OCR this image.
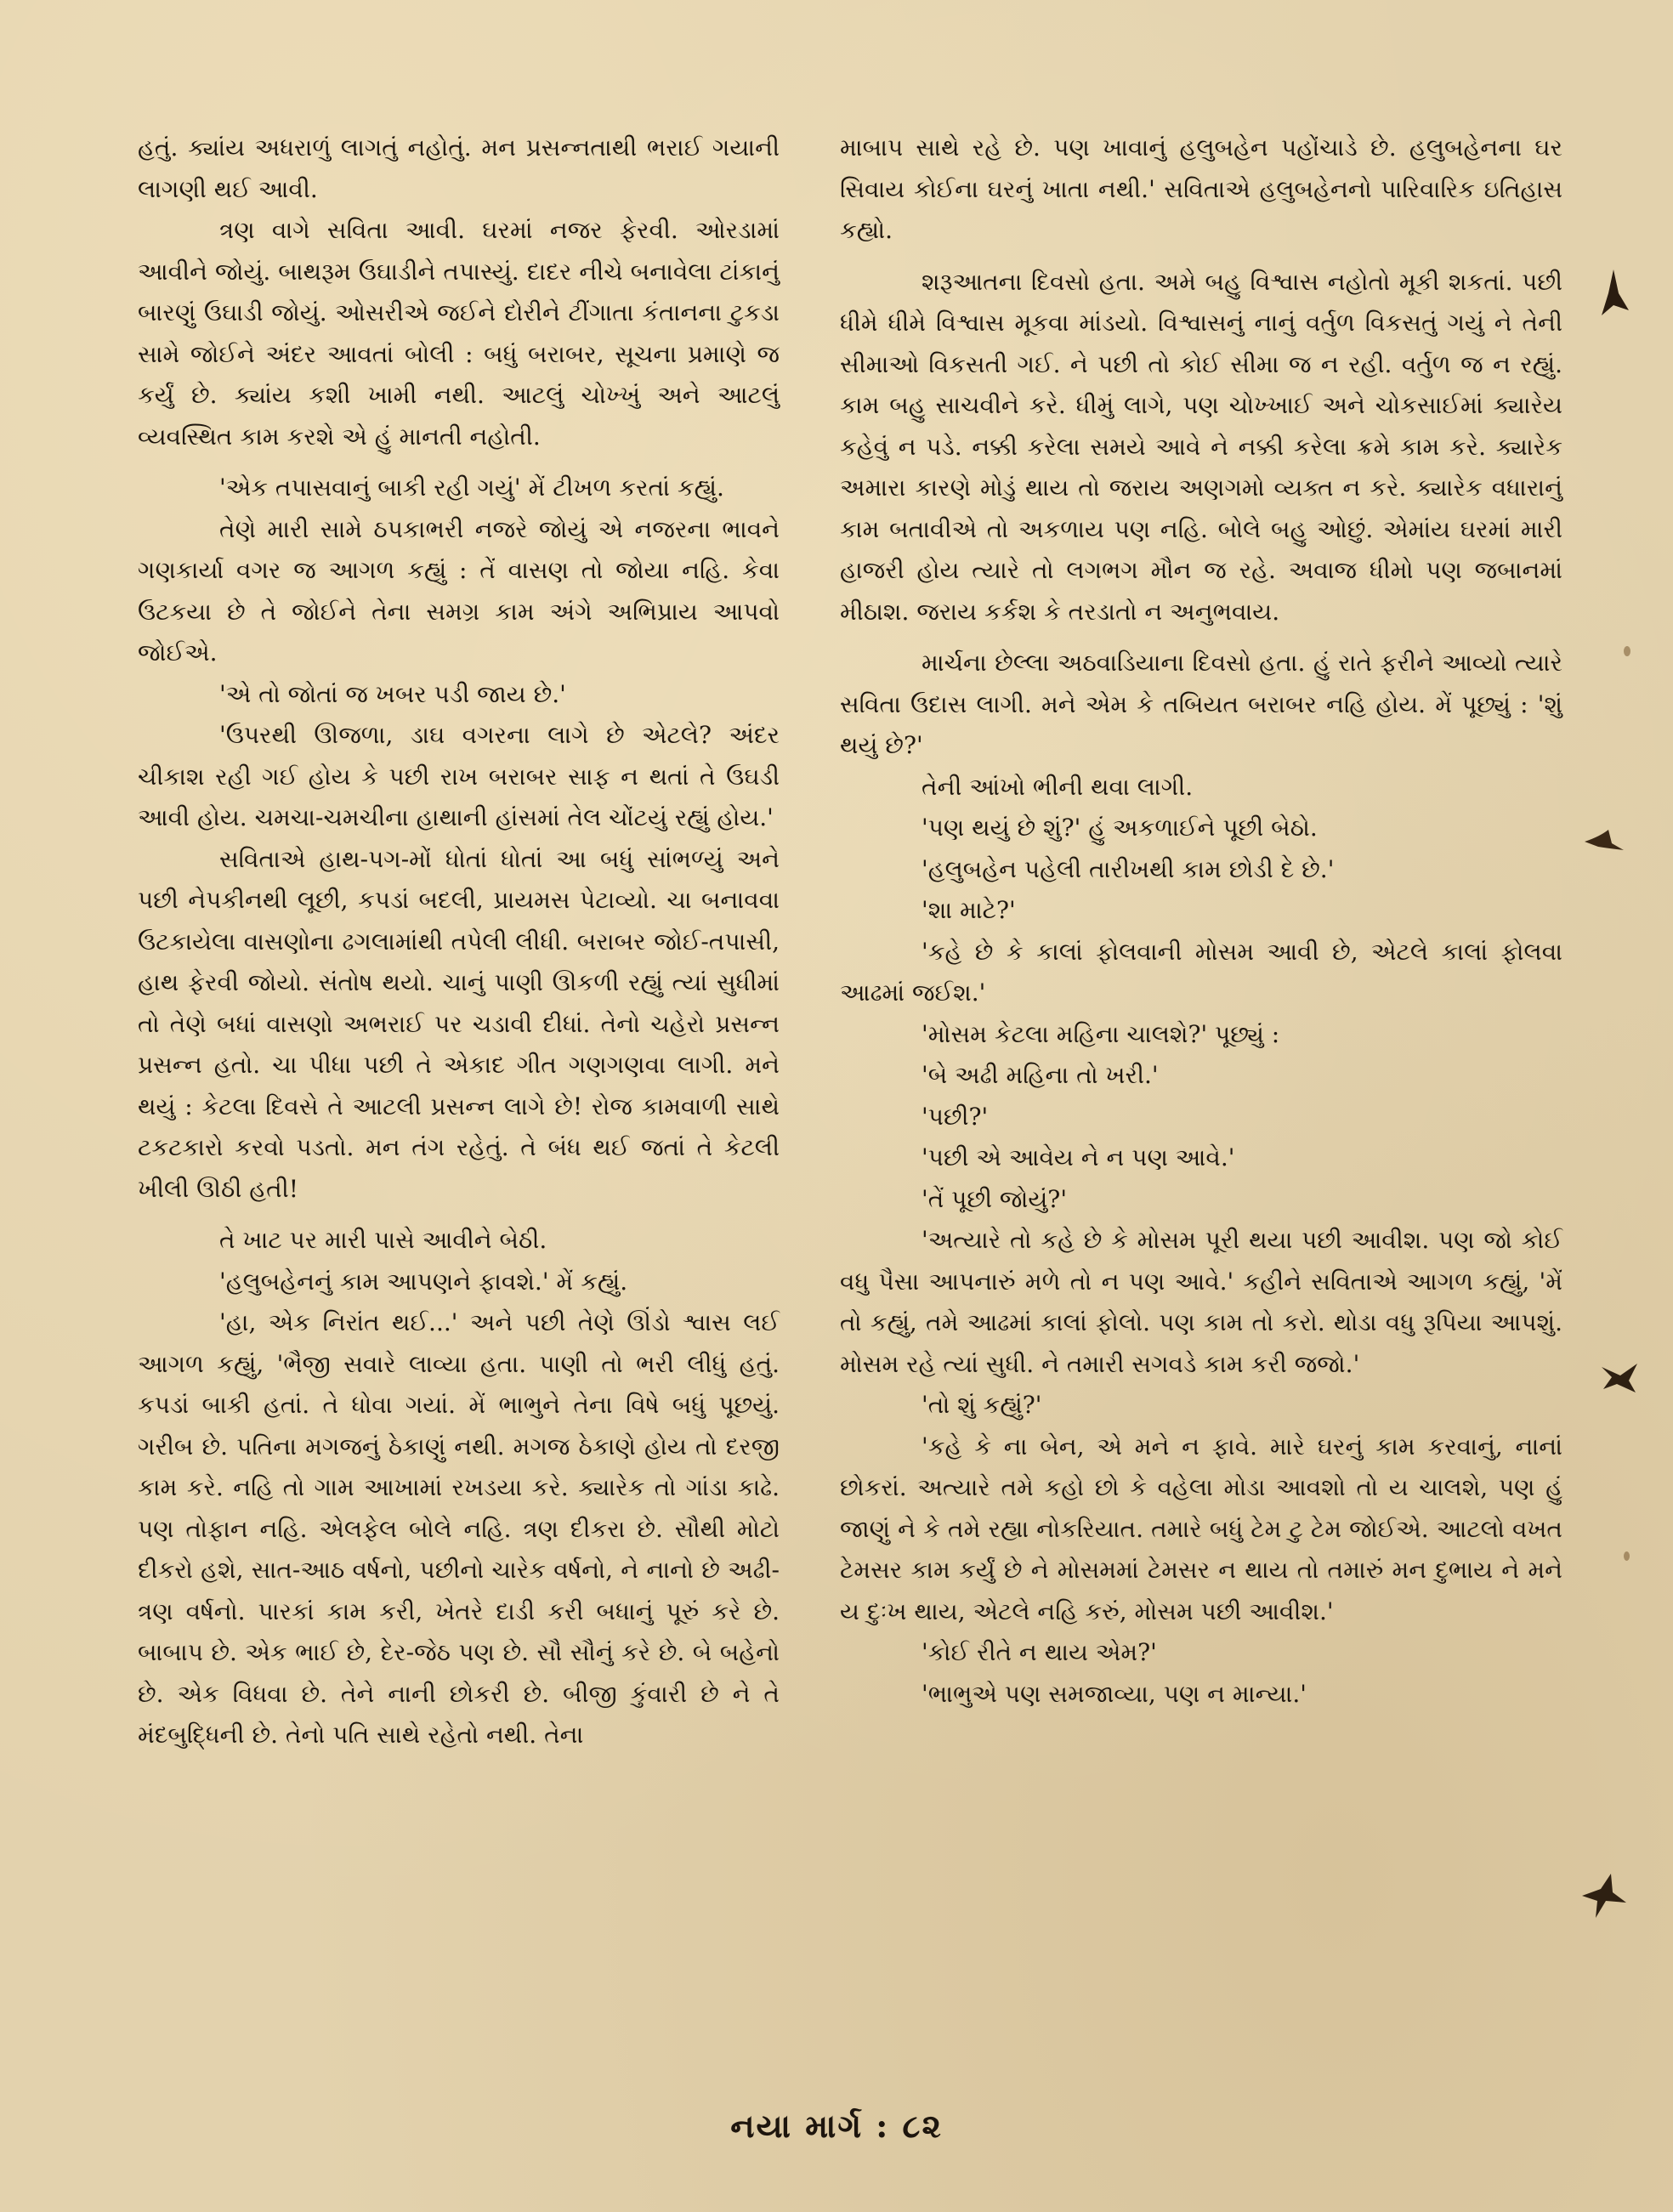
હતું. ક્યાંય અધરાળું લાગતું નહોતું. મન પ્રસન્નતાથી ભરાઈ ગયાની લાગણી થઈ આવી.

ત્રણ વાગે સવિતા આવી. ઘરમાં નજર ફેરવી. ઓરડામાં આવીને જોયું. બાથરૂમ ઉઘાડીને તપાસ્યું. દાદર નીચે બનાવેલા ટાંકાનું બારણું ઉઘાડી જોયું. ઓસરીએ જઈને દોરીને ટીંગાતા કંતાનના ટુકડા સામે જોઈને અંદર આવતાં બોલી : બધું બરાબર, સૂચના પ્રમાણે જ કર્યું છે. ક્યાંય કશી ખામી નથી. આટલું ચોખ્ખું અને આટલું વ્યવસ્થિત કામ કરશે એ હું માનતી નહોતી.

'એક તપાસવાનું બાકી રહી ગયું' મેં ટીખળ કરતાં કહ્યું.

તેણે મારી સામે ઠપકાભરી નજરે જોયું એ નજરના ભાવને ગણકાર્યા વગર જ આગળ કહ્યું : તેં વાસણ તો જોયા નહિ. કેવા ઉટકયા છે તે જોઈને તેના સમગ્ર કામ અંગે અભિપ્રાય આપવો જોઈએ.

'એ તો જોતાં જ ખબર પડી જાય છે.'

'ઉપરથી ઊજળા, ડાઘ વગરના લાગે છે એટલે? અંદર ચીકાશ રહી ગઈ હોય કે પછી રાખ બરાબર સાફ ન થતાં તે ઉઘડી આવી હોય. ચમચા-ચમચીના હાથાની હાંસમાં તેલ ચોંટયું રહ્યું હોય.'

સવિતાએ હાથ-પગ-મોં ધોતાં ધોતાં આ બધું સાંભળ્યું અને પછી નેપકીનથી લૂછી, કપડાં બદલી, પ્રાયમસ પેટાવ્યો. ચા બનાવવા ઉટકાયેલા વાસણોના ઢગલામાંથી તપેલી લીધી. બરાબર જોઈ-તપાસી, હાથ ફેરવી જોયો. સંતોષ થયો. ચાનું પાણી ઊકળી રહ્યું ત્યાં સુધીમાં તો તેણે બધાં વાસણો અભરાઈ પર ચડાવી દીધાં. તેનો ચહેરો પ્રસન્ન પ્રસન્ન હતો. ચા પીધા પછી તે એકાદ ગીત ગણગણવા લાગી. મને થયું : કેટલા દિવસે તે આટલી પ્રસન્ન લાગે છે! રોજ કામવાળી સાથે ટકટકારો કરવો પડતો. મન તંગ રહેતું. તે બંધ થઈ જતાં તે કેટલી ખીલી ઊઠી હતી!

તે ખાટ પર મારી પાસે આવીને બેઠી.

'હલુબહેનનું કામ આપણને ફાવશે.' મેં કહ્યું.

'હા, એક નિરાંત થઈ...' અને પછી તેણે ઊંડો શ્વાસ લઈ આગળ કહ્યું, 'ભૈજી સવારે લાવ્યા હતા. પાણી તો ભરી લીધું હતું. કપડાં બાકી હતાં. તે ધોવા ગયાં. મેં ભાભુને તેના વિષે બધું પૂછયું. ગરીબ છે. પતિના મગજનું ઠેકાણું નથી. મગજ ઠેકાણે હોય તો દરજી કામ કરે. નહિ તો ગામ આખામાં રખડયા કરે. ક્યારેક તો ગાંડા કાઢે. પણ તોફાન નહિ. એલફેલ બોલે નહિ. ત્રણ દીકરા છે. સૌથી મોટો દીકરો હશે, સાત-આઠ વર્ષનો, પછીનો ચારેક વર્ષનો, ને નાનો છે અઢી-ત્રણ વર્ષનો. પારકાં કામ કરી, ખેતરે દાડી કરી બધાનું પૂરું કરે છે. બાબાપ છે. એક ભાઈ છે, દેર-જેઠ પણ છે. સૌ સૌનું કરે છે. બે બહેનો છે. એક વિધવા છે. તેને નાની છોકરી છે. બીજી કુંવારી છે ને તે મંદબુદ્ધિની છે. તેનો પતિ સાથે રહેતો નથી. તેના

માબાપ સાથે રહે છે. પણ ખાવાનું હલુબહેન પહોંચાડે છે. હલુબહેનના ઘર સિવાય કોઈના ઘરનું ખાતા નથી.' સવિતાએ હલુબહેનનો પારિવારિક ઇતિહાસ કહ્યો.

શરૂઆતના દિવસો હતા. અમે બહુ વિશ્વાસ નહોતો મૂકી શકતાં. પછી ધીમે ધીમે વિશ્વાસ મૂકવા માંડયો. વિશ્વાસનું નાનું વર્તુળ વિકસતું ગયું ને તેની સીમાઓ વિકસતી ગઈ. ને પછી તો કોઈ સીમા જ ન રહી. વર્તુળ જ ન રહ્યું. કામ બહુ સાચવીને કરે. ધીમું લાગે, પણ ચોખ્ખાઈ અને ચોકસાઈમાં ક્યારેય કહેવું ન પડે. નક્કી કરેલા સમયે આવે ને નક્કી કરેલા ક્રમે કામ કરે. ક્યારેક અમારા કારણે મોડું થાય તો જરાય અણગમો વ્યક્ત ન કરે. ક્યારેક વધારાનું કામ બતાવીએ તો અકળાય પણ નહિ. બોલે બહુ ઓછું. એમાંય ઘરમાં મારી હાજરી હોય ત્યારે તો લગભગ મૌન જ રહે. અવાજ ધીમો પણ જબાનમાં મીઠાશ. જરાય કર્કશ કે તરડાતો ન અનુભવાય.

માર્ચના છેલ્લા અઠવાડિયાના દિવસો હતા. હું રાતે ફરીને આવ્યો ત્યારે સવિતા ઉદાસ લાગી. મને એમ કે તબિયત બરાબર નહિ હોય. મેં પૂછ્યું : 'શું થયું છે?'

તેની આંખો ભીની થવા લાગી.

'પણ થયું છે શું?' હું અકળાઈને પૂછી બેઠો.

'હલુબહેન પહેલી તારીખથી કામ છોડી દે છે.'

'શા માટે?'

'કહે છે કે કાલાં ફોલવાની મોસમ આવી છે, એટલે કાલાં ફોલવા આઢમાં જઈશ.'

'મોસમ કેટલા મહિના ચાલશે?' પૂછ્યું :

'બે અઢી મહિના તો ખરી.'

'પછી?'

'પછી એ આવેય ને ન પણ આવે.'

'તેં પૂછી જોયું?'

'અત્યારે તો કહે છે કે મોસમ પૂરી થયા પછી આવીશ. પણ જો કોઈ વધુ પૈસા આપનારું મળે તો ન પણ આવે.' કહીને સવિતાએ આગળ કહ્યું, 'મેં તો કહ્યું, તમે આઢમાં કાલાં ફોલો. પણ કામ તો કરો. થોડા વધુ રૂપિયા આપશું. મોસમ રહે ત્યાં સુધી. ને તમારી સગવડે કામ કરી જજો.'

'તો શું કહ્યું?'

'કહે કે ના બેન, એ મને ન ફાવે. મારે ઘરનું કામ કરવાનું, નાનાં છોકરાં. અત્યારે તમે કહો છો કે વહેલા મોડા આવશો તો ય ચાલશે, પણ હું જાણું ને કે તમે રહ્યા નોકરિયાત. તમારે બધું ટેમ ટુ ટેમ જોઈએ. આટલો વખત ટેમસર કામ કર્યું છે ને મોસમમાં ટેમસર ન થાય તો તમારું મન દુભાય ને મને ય દુઃખ થાય, એટલે નહિ કરું, મોસમ પછી આવીશ.'

'કોઈ રીતે ન થાય એમ?'

'ભાભુએ પણ સમજાવ્યા, પણ ન માન્યા.'

નયા માર્ગ : ૮૨
